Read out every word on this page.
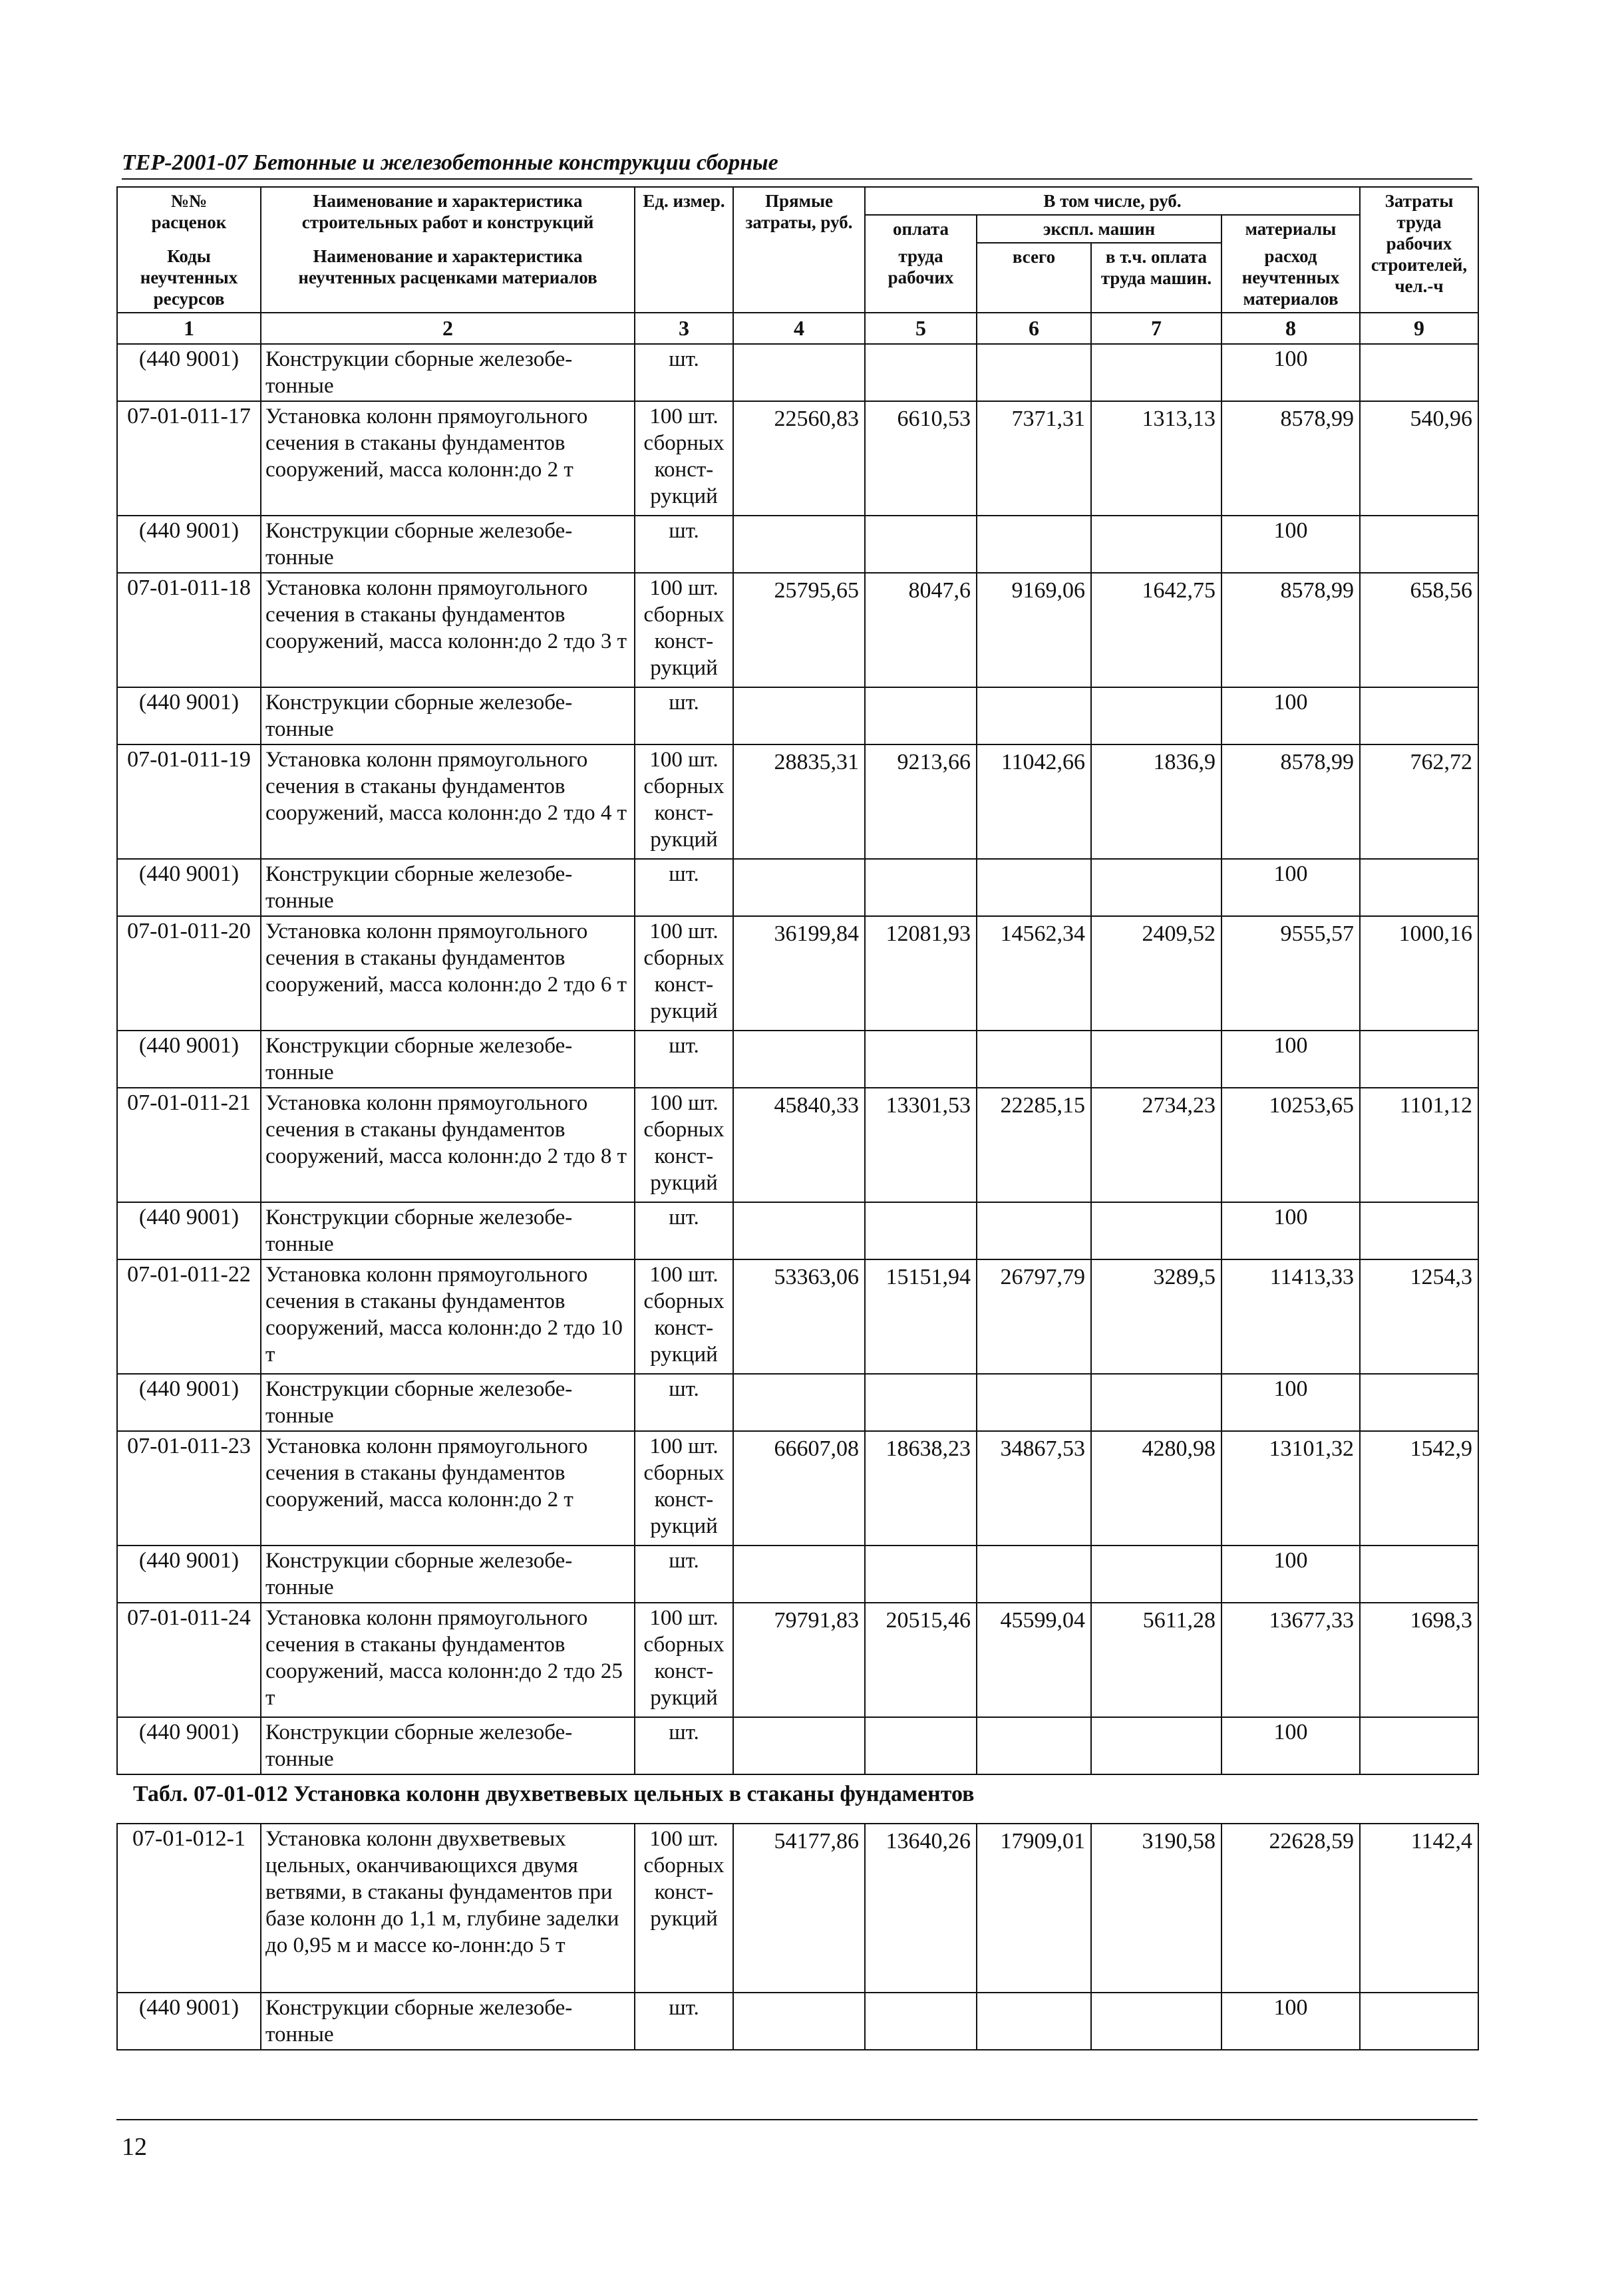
ТЕР-2001-07 Бетонные и железобетонные конструкции сборные
№№
расценок	Наименование и характеристика строительных работ и конструкций	Ед. измер.	Прямые затраты, руб.	В том числе, руб.				Затраты труда рабочих строителей, чел.-ч
				оплата	экспл. машин		материалы	
Коды неучтенных ресурсов	Наименование и характеристика неучтенных расценками материалов			труда рабочих	всего	в т.ч. оплата труда машин.	расход неучтенных материалов	

1	2	3	4	5	6	7	8	9
(440 9001)	Конструкции сборные железобе-тонные	шт.					100	
07-01-011-17	Установка колонн прямоугольного сечения в стаканы фундаментов сооружений, масса колонн:до 2 т	100 шт. сборных конст-рукций	22560,83	6610,53	7371,31	1313,13	8578,99	540,96
(440 9001)	Конструкции сборные железобе-тонные	шт.					100	
07-01-011-18	Установка колонн прямоугольного сечения в стаканы фундаментов сооружений, масса колонн:до 2 тдо 3 т	100 шт. сборных конст-рукций	25795,65	8047,6	9169,06	1642,75	8578,99	658,56
(440 9001)	Конструкции сборные железобе-тонные	шт.					100	
07-01-011-19	Установка колонн прямоугольного сечения в стаканы фундаментов сооружений, масса колонн:до 2 тдо 4 т	100 шт. сборных конст-рукций	28835,31	9213,66	11042,66	1836,9	8578,99	762,72
(440 9001)	Конструкции сборные железобе-тонные	шт.					100	
07-01-011-20	Установка колонн прямоугольного сечения в стаканы фундаментов сооружений, масса колонн:до 2 тдо 6 т	100 шт. сборных конст-рукций	36199,84	12081,93	14562,34	2409,52	9555,57	1000,16
(440 9001)	Конструкции сборные железобе-тонные	шт.					100	
07-01-011-21	Установка колонн прямоугольного сечения в стаканы фундаментов сооружений, масса колонн:до 2 тдо 8 т	100 шт. сборных конст-рукций	45840,33	13301,53	22285,15	2734,23	10253,65	1101,12
(440 9001)	Конструкции сборные железобе-тонные	шт.					100	
07-01-011-22	Установка колонн прямоугольного сечения в стаканы фундаментов сооружений, масса колонн:до 2 тдо 10 т	100 шт. сборных конст-рукций	53363,06	15151,94	26797,79	3289,5	11413,33	1254,3
(440 9001)	Конструкции сборные железобе-тонные	шт.					100	
07-01-011-23	Установка колонн прямоугольного сечения в стаканы фундаментов сооружений, масса колонн:до 2 т	100 шт. сборных конст-рукций	66607,08	18638,23	34867,53	4280,98	13101,32	1542,9
(440 9001)	Конструкции сборные железобе-тонные	шт.					100	
07-01-011-24	Установка колонн прямоугольного сечения в стаканы фундаментов сооружений, масса колонн:до 2 тдо 25 т	100 шт. сборных конст-рукций	79791,83	20515,46	45599,04	5611,28	13677,33	1698,3
(440 9001)	Конструкции сборные железобе-тонные	шт.					100	
Табл. 07-01-012 Установка колонн двухветвевых цельных в стаканы фундаментов
07-01-012-1	Установка колонн двухветвевых цельных, оканчивающихся двумя ветвями, в стаканы фундаментов при базе колонн до 1,1 м, глубине заделки до 0,95 м и массе ко-лонн:до 5 т	100 шт. сборных конст-рукций	54177,86	13640,26	17909,01	3190,58	22628,59	1142,4
(440 9001)	Конструкции сборные железобе-тонные	шт.					100	
12
